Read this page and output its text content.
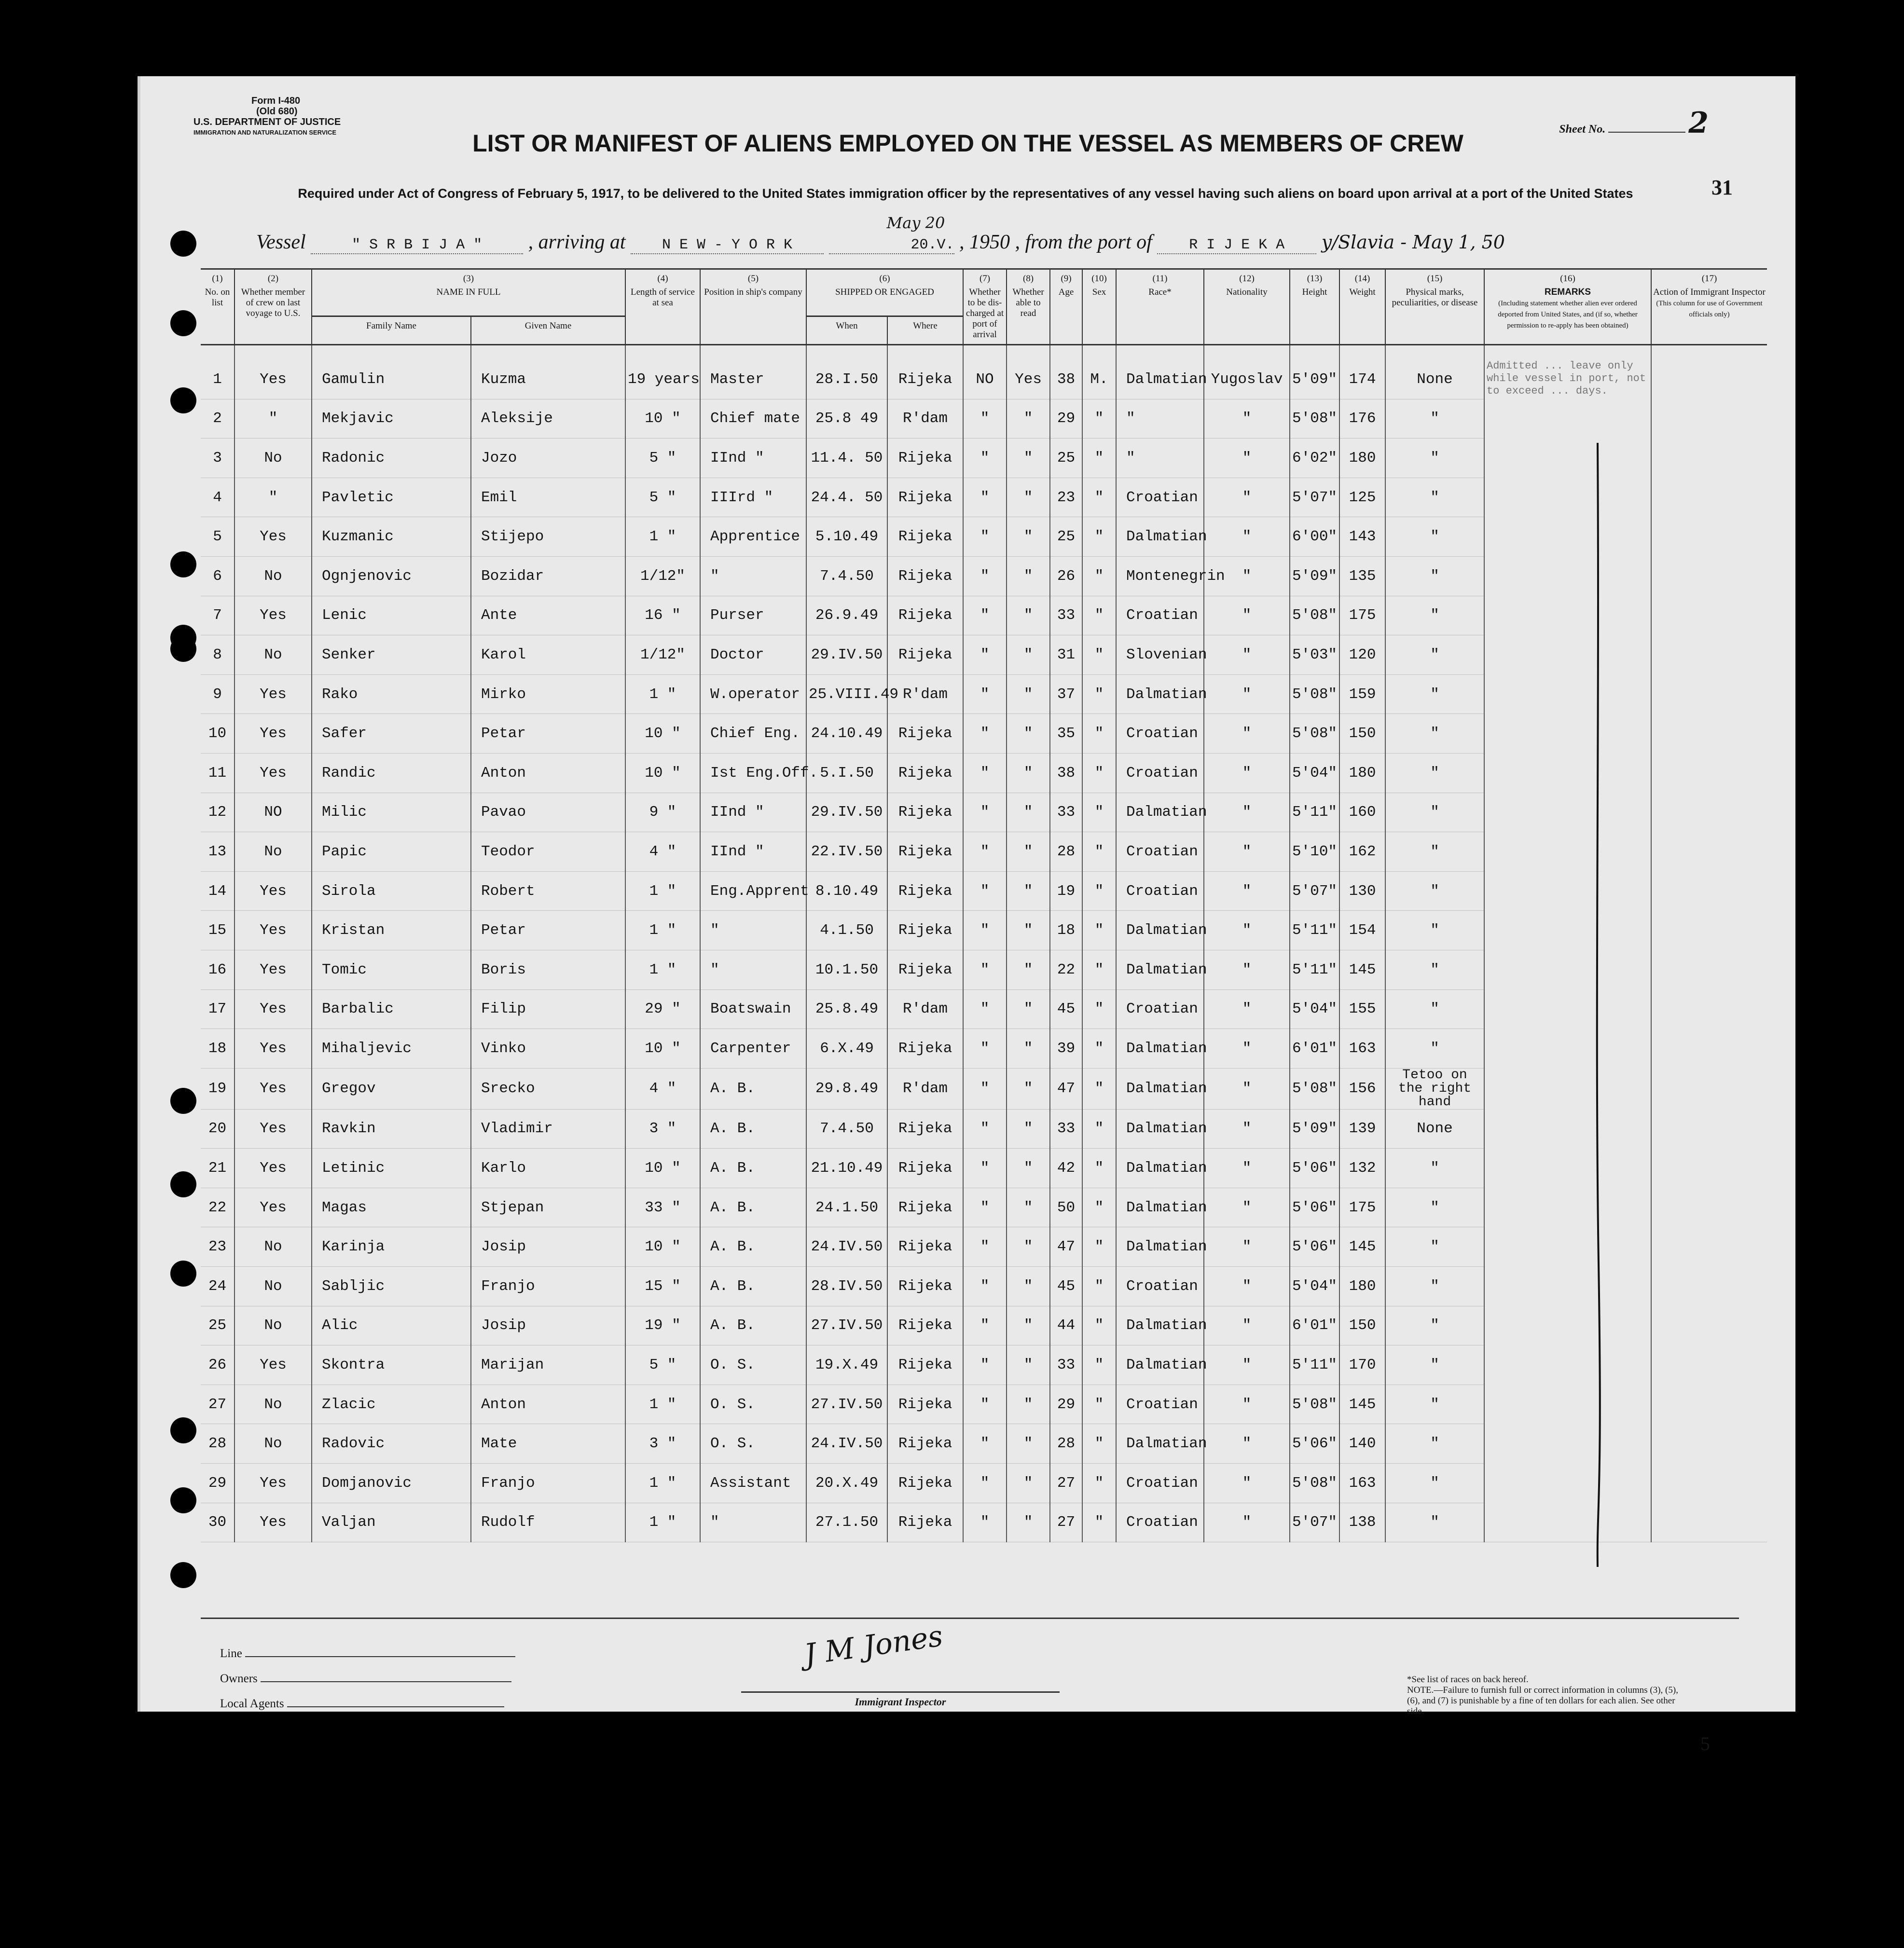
Form I-480
(Old 680)
U.S. DEPARTMENT OF JUSTICE
IMMIGRATION AND NATURALIZATION SERVICE	Sheet No.	2
31
LIST OR MANIFEST OF ALIENS EMPLOYED ON THE VESSEL AS MEMBERS OF CREW
Required under Act of Congress of February 5, 1917, to be delivered to the United States immigration officer by the representatives of any vessel having such aliens on board upon arrival at a port of the United States
Vessel	" S R B I J A " , arriving at	N E W - Y O R K	20.V.
May 20
, 1950 , from the port of	R I J E K A y/Slavia - May 1, 50
(1)
No. on list	(2)
Whether member of crew on last voyage to U.S.	(3)
NAME IN FULL		(4)
Length of service at sea	(5)
Position in ship's company	(6)
SHIPPED OR ENGAGED		(7)
Whether to be dis-charged at port of arrival	(8)
Whether able to read	(9)
Age	(10)
Sex	(11)
Race*	(12)
Nationality	(13)
Height	(14)
Weight	(15)
Physical marks, peculiarities, or disease	(16)
REMARKS
(Including statement whether alien ever ordered deported from United States, and (if so, whether permission to re-apply has been obtained)	(17)
Action of Immigrant Inspector
(This column for use of Government officials only)
		Family Name	Given Name			When	Where											
1	Yes	Gamulin	Kuzma	19 years	Master	28.I.50	Rijeka	NO	Yes	38	M.	Dalmatian	Yugoslav	5'09"	174	None	Admitted ... leave only while vessel in port, not to exceed ... days.	
2	"	Mekjavic	Aleksije	10 "	Chief mate	25.8 49	R'dam	"	"	29	"	"	"	5'08"	176	"		
3	No	Radonic	Jozo	5 "	IInd "	11.4. 50	Rijeka	"	"	25	"	"	"	6'02"	180	"		
4	"	Pavletic	Emil	5 "	IIIrd "	24.4. 50	Rijeka	"	"	23	"	Croatian	"	5'07"	125	"		
5	Yes	Kuzmanic	Stijepo	1 "	Apprentice	5.10.49	Rijeka	"	"	25	"	Dalmatian	"	6'00"	143	"		
6	No	Ognjenovic	Bozidar	1/12"	"	7.4.50	Rijeka	"	"	26	"	Montenegrin	"	5'09"	135	"		
7	Yes	Lenic	Ante	16 "	Purser	26.9.49	Rijeka	"	"	33	"	Croatian	"	5'08"	175	"		
8	No	Senker	Karol	1/12"	Doctor	29.IV.50	Rijeka	"	"	31	"	Slovenian	"	5'03"	120	"		
9	Yes	Rako	Mirko	1 "	W.operator	25.VIII.49	R'dam	"	"	37	"	Dalmatian	"	5'08"	159	"		
10	Yes	Safer	Petar	10 "	Chief Eng.	24.10.49	Rijeka	"	"	35	"	Croatian	"	5'08"	150	"		
11	Yes	Randic	Anton	10 "	Ist Eng.Off.	5.I.50	Rijeka	"	"	38	"	Croatian	"	5'04"	180	"		
12	NO	Milic	Pavao	9 "	IInd "	29.IV.50	Rijeka	"	"	33	"	Dalmatian	"	5'11"	160	"		
13	No	Papic	Teodor	4 "	IInd "	22.IV.50	Rijeka	"	"	28	"	Croatian	"	5'10"	162	"		
14	Yes	Sirola	Robert	1 "	Eng.Apprent	8.10.49	Rijeka	"	"	19	"	Croatian	"	5'07"	130	"		
15	Yes	Kristan	Petar	1 "	"	4.1.50	Rijeka	"	"	18	"	Dalmatian	"	5'11"	154	"		
16	Yes	Tomic	Boris	1 "	"	10.1.50	Rijeka	"	"	22	"	Dalmatian	"	5'11"	145	"		
17	Yes	Barbalic	Filip	29 "	Boatswain	25.8.49	R'dam	"	"	45	"	Croatian	"	5'04"	155	"		
18	Yes	Mihaljevic	Vinko	10 "	Carpenter	6.X.49	Rijeka	"	"	39	"	Dalmatian	"	6'01"	163	"		
19	Yes	Gregov	Srecko	4 "	A. B.	29.8.49	R'dam	"	"	47	"	Dalmatian	"	5'08"	156	Tetoo on the right hand		
20	Yes	Ravkin	Vladimir	3 "	A. B.	7.4.50	Rijeka	"	"	33	"	Dalmatian	"	5'09"	139	None		
21	Yes	Letinic	Karlo	10 "	A. B.	21.10.49	Rijeka	"	"	42	"	Dalmatian	"	5'06"	132	"		
22	Yes	Magas	Stjepan	33 "	A. B.	24.1.50	Rijeka	"	"	50	"	Dalmatian	"	5'06"	175	"		
23	No	Karinja	Josip	10 "	A. B.	24.IV.50	Rijeka	"	"	47	"	Dalmatian	"	5'06"	145	"		
24	No	Sabljic	Franjo	15 "	A. B.	28.IV.50	Rijeka	"	"	45	"	Croatian	"	5'04"	180	"		
25	No	Alic	Josip	19 "	A. B.	27.IV.50	Rijeka	"	"	44	"	Dalmatian	"	6'01"	150	"		
26	Yes	Skontra	Marijan	5 "	O. S.	19.X.49	Rijeka	"	"	33	"	Dalmatian	"	5'11"	170	"		
27	No	Zlacic	Anton	1 "	O. S.	27.IV.50	Rijeka	"	"	29	"	Croatian	"	5'08"	145	"		
28	No	Radovic	Mate	3 "	O. S.	24.IV.50	Rijeka	"	"	28	"	Dalmatian	"	5'06"	140	"		
29	Yes	Domjanovic	Franjo	1 "	Assistant	20.X.49	Rijeka	"	"	27	"	Croatian	"	5'08"	163	"		
30	Yes	Valjan	Rudolf	1 "	"	27.1.50	Rijeka	"	"	27	"	Croatian	"	5'07"	138	"		
Line
Owners
Local Agents
J M Jones
Immigrant Inspector
*See list of races on back hereof.
NOTE.—Failure to furnish full or correct information in columns (3), (5), (6), and (7) is punishable by a fine of ten dollars for each alien. See other side.
5
